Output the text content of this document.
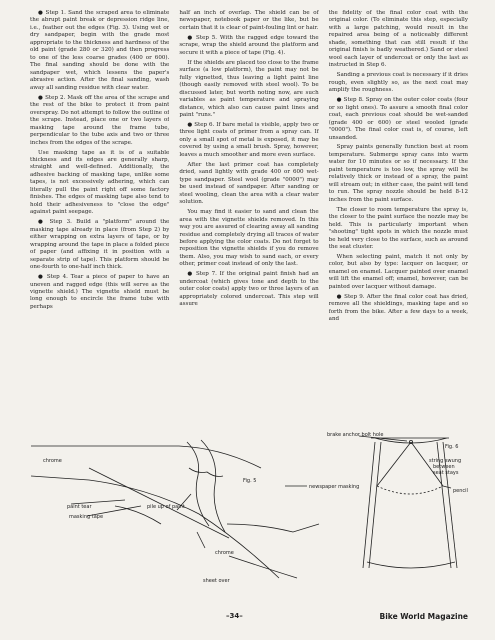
● Step 1. Sand the scraped area to eliminate the abrupt paint break or depression ridge line, i.e., feather out the edges (Fig. 3). Using wet or dry sandpaper, begin with the grade most appropriate to the thickness and hardness of the old paint (grade 280 or 320) and then progress to one of the less coarse grades (400 or 600). The final sanding should be done with the sandpaper wet, which lessens the paper's abrasive action. After the final sanding, wash away all sanding residue with clear water.

● Step 2. Mask off the area of the scrape and the rest of the bike to protect it from paint overspray. Do not attempt to follow the outline of the scrape. Instead, place one or two layers of masking tape around the frame tube, perpendicular to the tube axis and two or three inches from the edges of the scrape.

Use masking tape as it is of a suitable thickness and its edges are generally sharp, straight and well-defined. Additionally, the adhesive backing of masking tape, unlike some tapes, is not excessively adhering, which can literally pull the paint right off some factory finishes. The edges of masking tape also tend to hold their adhesiveness to "close the edge" against paint seepage.

● Step 3. Build a "platform" around the masking tape already in place (from Step 2) by either wrapping on extra layers of tape, or by wrapping around the tape in place a folded piece of paper (and affixing it in position with a separate strip of tape). This platform should be one-fourth to one-half inch thick.

● Step 4. Tear a piece of paper to have an uneven and ragged edge (this will serve as the vignette shield.) The vignette shield must be long enough to encircle the frame tube with perhaps

half an inch of overlap. The shield can be of newspaper, notebook paper or the like, but be certain that it is clear of paint-fouling lint or hair.

● Step 5. With the ragged edge toward the scrape, wrap the shield around the platform and secure it with a piece of tape (Fig. 4).

If the shields are placed too close to the frame surface (a low platform), the paint may not be fully vignetted, thus leaving a light paint line (though easily removed with steel wool). To be discussed later, but worth noting now, are such variables as paint temperature and spraying distance, which also can cause paint lines and paint "runs."

● Step 6. If bare metal is visible, apply two or three light coats of primer from a spray can. If only a small spot of metal is exposed, it may be covered by using a small brush. Spray, however, leaves a much smoother and more even surface.

After the last primer coat has completely dried, sand lightly with grade 400 or 600 wet-type sandpaper. Steel wool (grade "0000") may be used instead of sandpaper. After sanding or steel wooling, clean the area with a clear water solution.

You may find it easier to sand and clean the area with the vignette shields removed. In this way you are assured of clearing away all sanding residue and completely drying all traces of water before applying the color coats. Do not forget to reposition the vignette shields if you do remove them. Also, you may wish to sand each, or every other, primer coat instead of only the last.

● Step 7. If the original paint finish had an undercoat (which gives tone and depth to the outer color coats) apply two or three layers of an appropriately colored undercoat. This step will assure

the fidelity of the final color coat with the original color. (To eliminate this step, especially with a large patching, would result in the repaired area being of a noticeably different shade, something that can still result if the original finish is badly weathered.) Sand or steel wool each layer of undercoat or only the last as instructed in Step 6.

Sanding a previous coat is necessary if it dries rough, even slightly so, as the next coat may amplify the roughness.

● Step 8. Spray on the outer color coats (four or so light ones). To assure a smooth final color coat, each previous coat should be wet-sanded (grade 400 or 600) or steel wooled (grade "0000"). The final color coat is, of course, left unsanded.

Spray paints generally function best at room temperature. Submerge spray cans into warm water for 10 minutes or so if necessary. If the paint temperature is too low, the spray will be relatively thick or instead of a spray, the paint will stream out; in either case, the paint will tend to run. The spray nozzle should be held 8-12 inches from the paint surface.

The closer to room temperature the spray is, the closer to the paint surface the nozzle may be held. This is particularly important when "shooting" tight spots in which the nozzle must be held very close to the surface, such as around the seat cluster.

When selecting paint, match it not only by color, but also by type: lacquer on lacquer, or enamel on enamel. Lacquer painted over enamel will lift the enamel off; enamel, however, can be painted over lacquer without damage.

● Step 9. After the final color coat has dried, remove all the shieldings, masking tape and so forth from the bike. After a few days to a week, and

chrome
Fig. 5
paint tear
masking tape
pile up of paint
newspaper masking
chrome
sheet over
brake anchor bolt hole
Fig. 6
string swung
between
seat stays
pencil
–34–	Bike World Magazine
